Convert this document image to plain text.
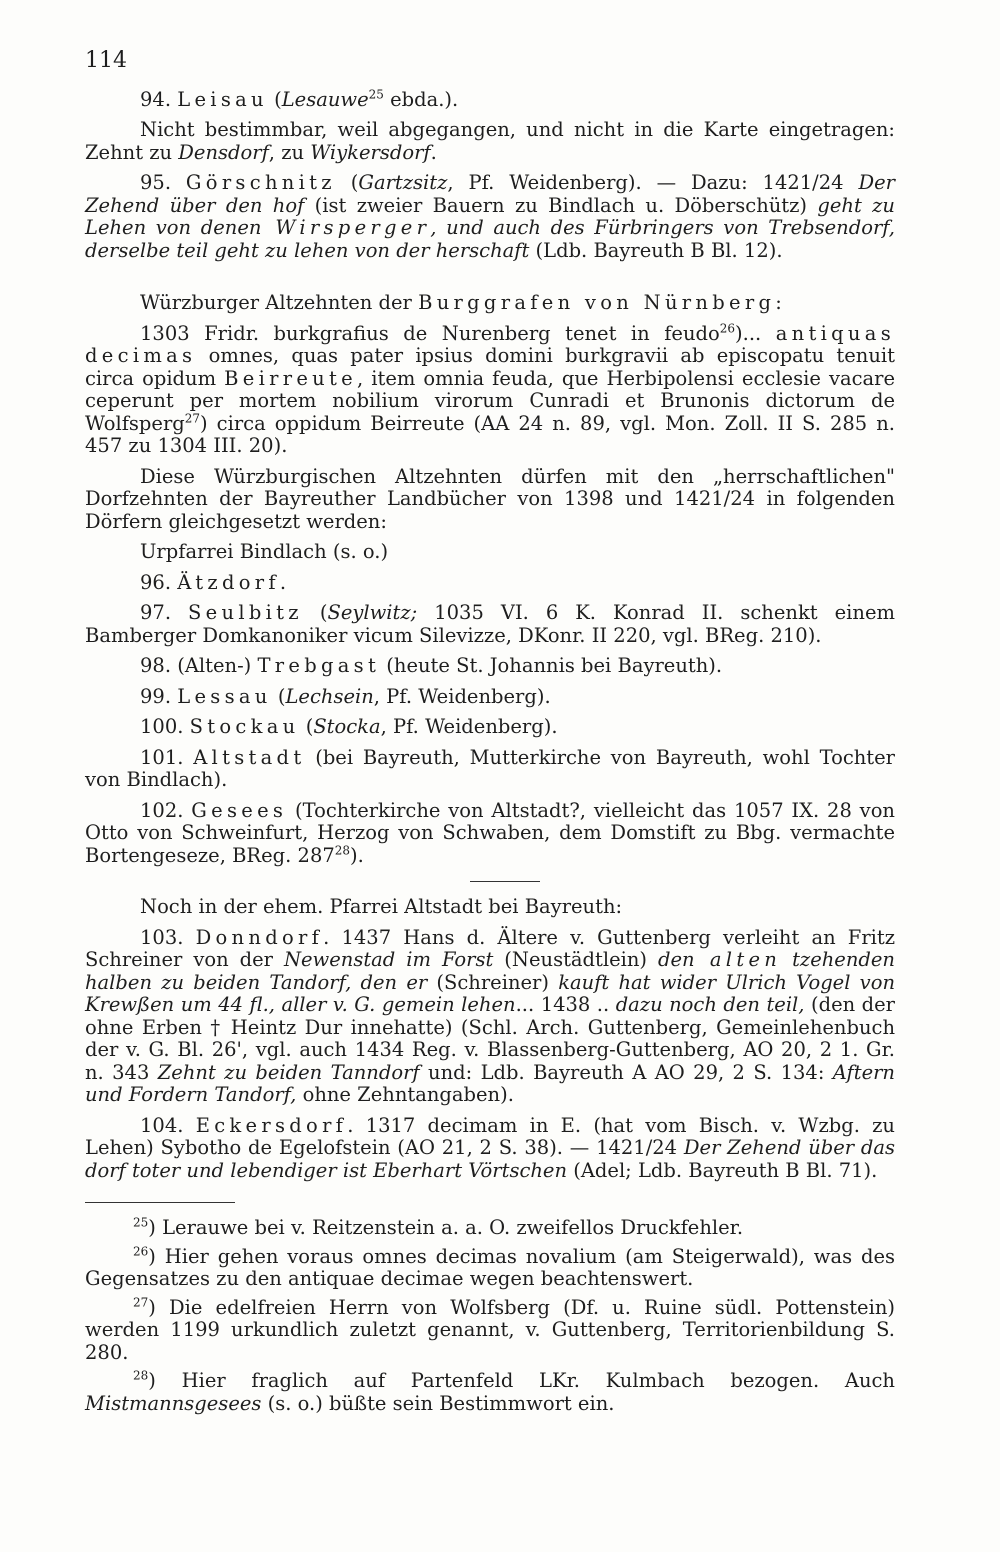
114

94. Leisau (Lesauwe$^{25}$ ebda.).

Nicht bestimmbar, weil abgegangen, und nicht in die Karte eingetragen: Zehnt zu Densdorf, zu Wiykersdorf.

95. Görschnitz (Gartzsitz, Pf. Weidenberg). — Dazu: 1421/24 Der Zehend über den hof (ist zweier Bauern zu Bindlach u. Döberschütz) geht zu Lehen von denen Wirsperger, und auch des Fürbringers von Trebsendorf, derselbe teil geht zu lehen von der herschaft (Ldb. Bayreuth B Bl. 12).

Würzburger Altzehnten der Burggrafen von Nürnberg:

1303 Fridr. burkgrafius de Nurenberg tenet in feudo$^{26}$)... antiquas decimas omnes, quas pater ipsius domini burkgravii ab episcopatu tenuit circa opidum Beirreute, item omnia feuda, que Herbipolensi ecclesie vacare ceperunt per mortem nobilium virorum Cunradi et Brunonis dictorum de Wolfsperg$^{27}$) circa oppidum Beirreute (AA 24 n. 89, vgl. Mon. Zoll. II S. 285 n. 457 zu 1304 III. 20).

Diese Würzburgischen Altzehnten dürfen mit den „herrschaftlichen" Dorfzehnten der Bayreuther Landbücher von 1398 und 1421/24 in folgenden Dörfern gleichgesetzt werden:

Urpfarrei Bindlach (s. o.)

96. Ätzdorf.

97. Seulbitz (Seylwitz; 1035 VI. 6 K. Konrad II. schenkt einem Bamberger Domkanoniker vicum Silevizze, DKonr. II 220, vgl. BReg. 210).

98. (Alten-) Trebgast (heute St. Johannis bei Bayreuth).

99. Lessau (Lechsein, Pf. Weidenberg).

100. Stockau (Stocka, Pf. Weidenberg).

101. Altstadt (bei Bayreuth, Mutterkirche von Bayreuth, wohl Tochter von Bindlach).

102. Gesees (Tochterkirche von Altstadt?, vielleicht das 1057 IX. 28 von Otto von Schweinfurt, Herzog von Schwaben, dem Domstift zu Bbg. vermachte Bortengeseze, BReg. $287^{28}$).

Noch in der ehem. Pfarrei Altstadt bei Bayreuth:

103. Donndorf. 1437 Hans d. Ältere v. Guttenberg verleiht an Fritz Schreiner von der Newenstad im Forst (Neustädtlein) den alten tzehenden halben zu beiden Tandorf, den er (Schreiner) kauft hat wider Ulrich Vogel von Krewßen um 44 fl., aller v. G. gemein lehen... 1438 .. dazu noch den teil, (den der ohne Erben † Heintz Dur innehatte) (Schl. Arch. Guttenberg, Gemeinlehenbuch der v. G. Bl. 26', vgl. auch 1434 Reg. v. Blassenberg-Guttenberg, AO 20, 2 1. Gr. n. 343 Zehnt zu beiden Tanndorf und: Ldb. Bayreuth A AO 29, 2 S. 134: Aftern und Fordern Tandorf, ohne Zehntangaben).

104. Eckersdorf. 1317 decimam in E. (hat vom Bisch. v. Wzbg. zu Lehen) Sybotho de Egelofstein (AO 21, 2 S. 38). — 1421/24 Der Zehend über das dorf toter und lebendiger ist Eberhart Vörtschen (Adel; Ldb. Bayreuth B Bl. 71).

$^{25}$) Lerauwe bei v. Reitzenstein a. a. O. zweifellos Druckfehler.

$^{26}$) Hier gehen voraus omnes decimas novalium (am Steigerwald), was des Gegensatzes zu den antiquae decimae wegen beachtenswert.

$^{27}$) Die edelfreien Herrn von Wolfsberg (Df. u. Ruine südl. Pottenstein) werden 1199 urkundlich zuletzt genannt, v. Guttenberg, Territorienbildung S. 280.

$^{28}$) Hier fraglich auf Partenfeld LKr. Kulmbach bezogen. Auch Mistmannsgesees (s. o.) büßte sein Bestimmwort ein.
